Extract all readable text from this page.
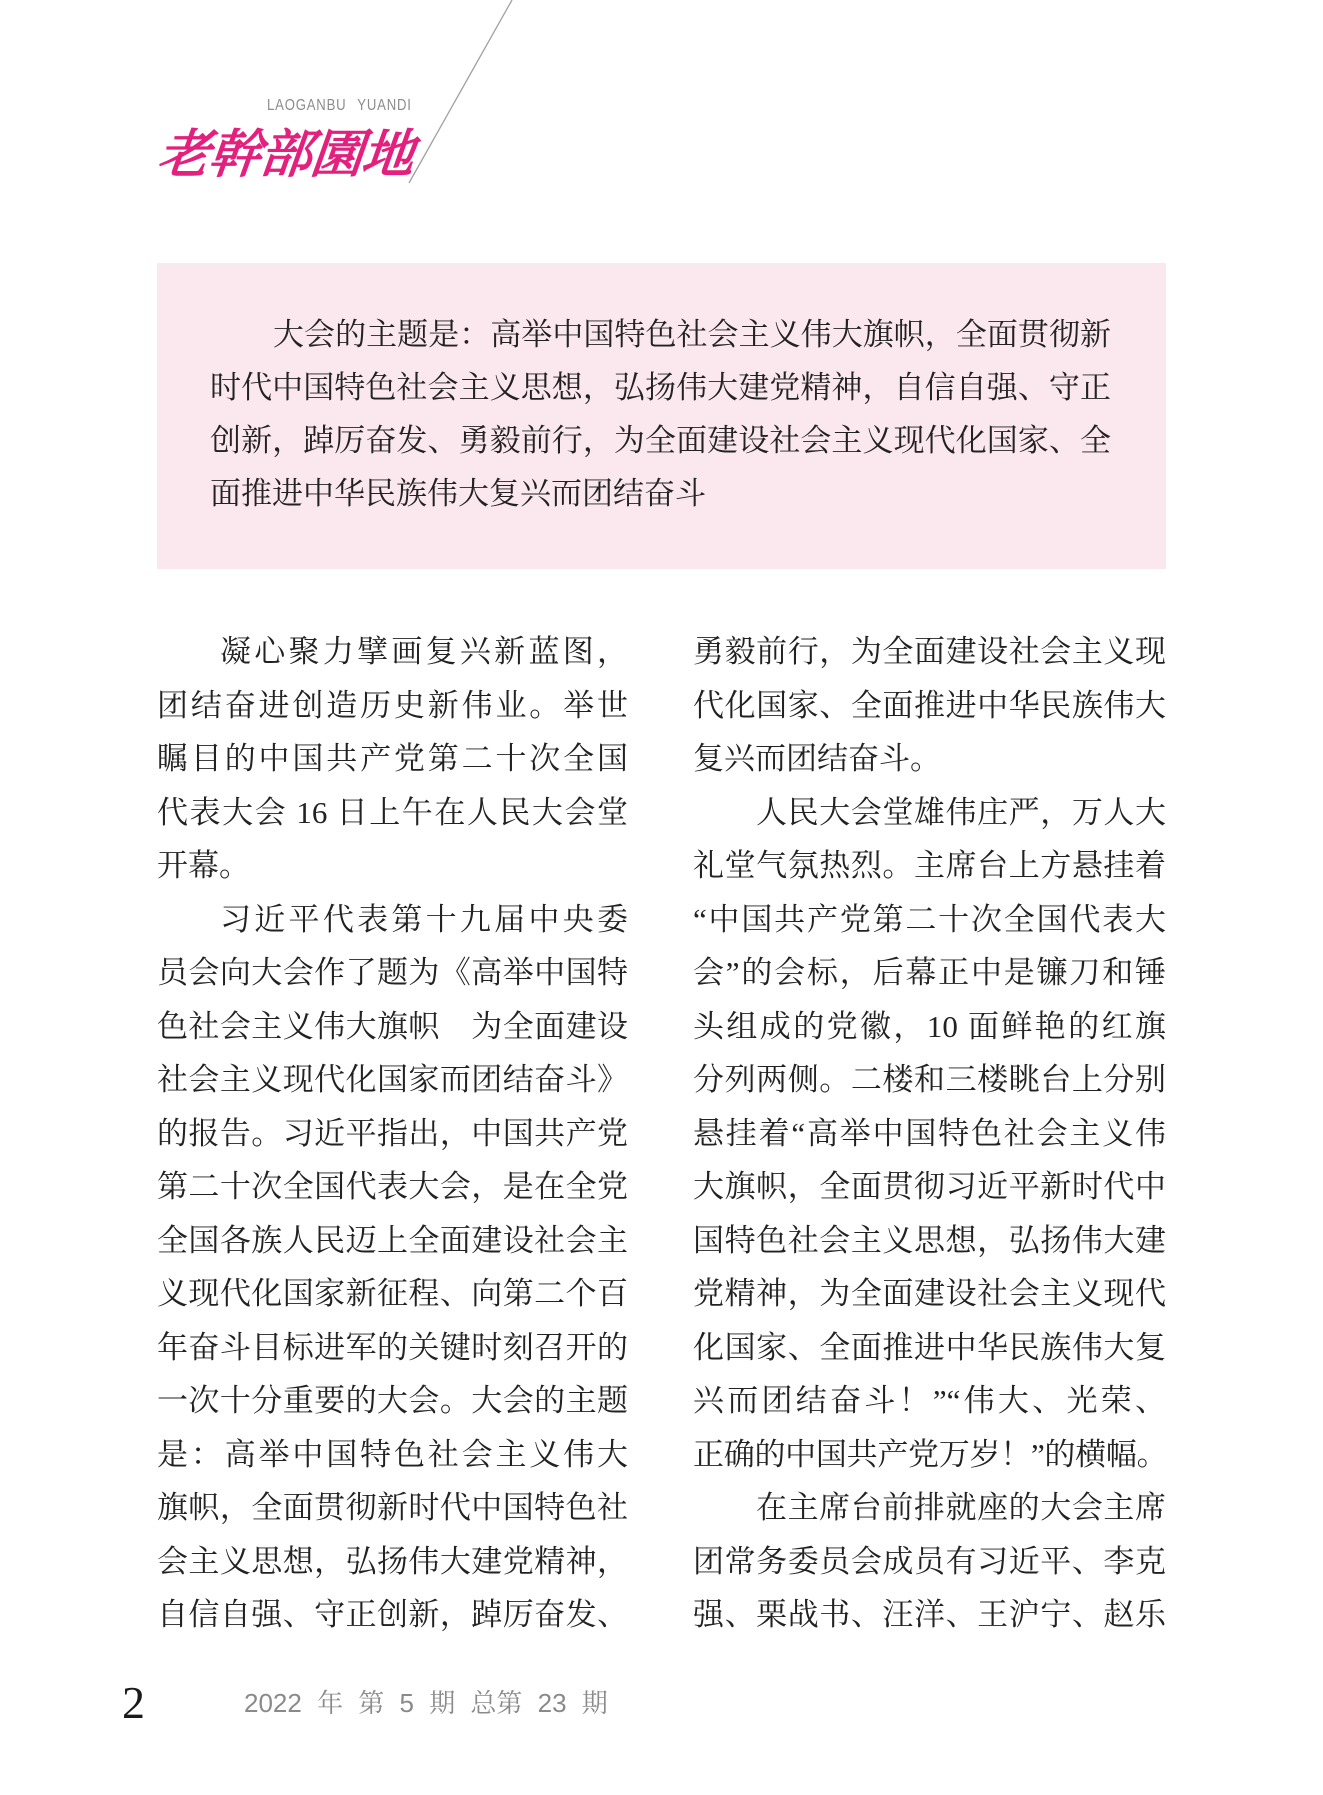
LAOGANBU YUANDI
老幹部園地
大会的主题是：高举中国特色社会主义伟大旗帜，全面贯彻新
时代中国特色社会主义思想，弘扬伟大建党精神，自信自强、守正
创新，踔厉奋发、勇毅前行，为全面建设社会主义现代化国家、全
面推进中华民族伟大复兴而团结奋斗
凝心聚力擘画复兴新蓝图，
团结奋进创造历史新伟业。举世
瞩目的中国共产党第二十次全国
代表大会 16 日上午在人民大会堂
开幕。
习近平代表第十九届中央委
员会向大会作了题为《高举中国特
色社会主义伟大旗帜　为全面建设
社会主义现代化国家而团结奋斗》
的报告。习近平指出，中国共产党
第二十次全国代表大会，是在全党
全国各族人民迈上全面建设社会主
义现代化国家新征程、向第二个百
年奋斗目标进军的关键时刻召开的
一次十分重要的大会。大会的主题
是：高举中国特色社会主义伟大
旗帜，全面贯彻新时代中国特色社
会主义思想，弘扬伟大建党精神，
自信自强、守正创新，踔厉奋发、
勇毅前行，为全面建设社会主义现
代化国家、全面推进中华民族伟大
复兴而团结奋斗。
人民大会堂雄伟庄严，万人大
礼堂气氛热烈。主席台上方悬挂着
“中国共产党第二十次全国代表大
会”的会标，后幕正中是镰刀和锤
头组成的党徽，10 面鲜艳的红旗
分列两侧。二楼和三楼眺台上分别
悬挂着“高举中国特色社会主义伟
大旗帜，全面贯彻习近平新时代中
国特色社会主义思想，弘扬伟大建
党精神，为全面建设社会主义现代
化国家、全面推进中华民族伟大复
兴而团结奋斗！”“伟大、光荣、
正确的中国共产党万岁！”的横幅。
在主席台前排就座的大会主席
团常务委员会成员有习近平、李克
强、栗战书、汪洋、王沪宁、赵乐
2	2022 年 第 5 期 总第 23 期
